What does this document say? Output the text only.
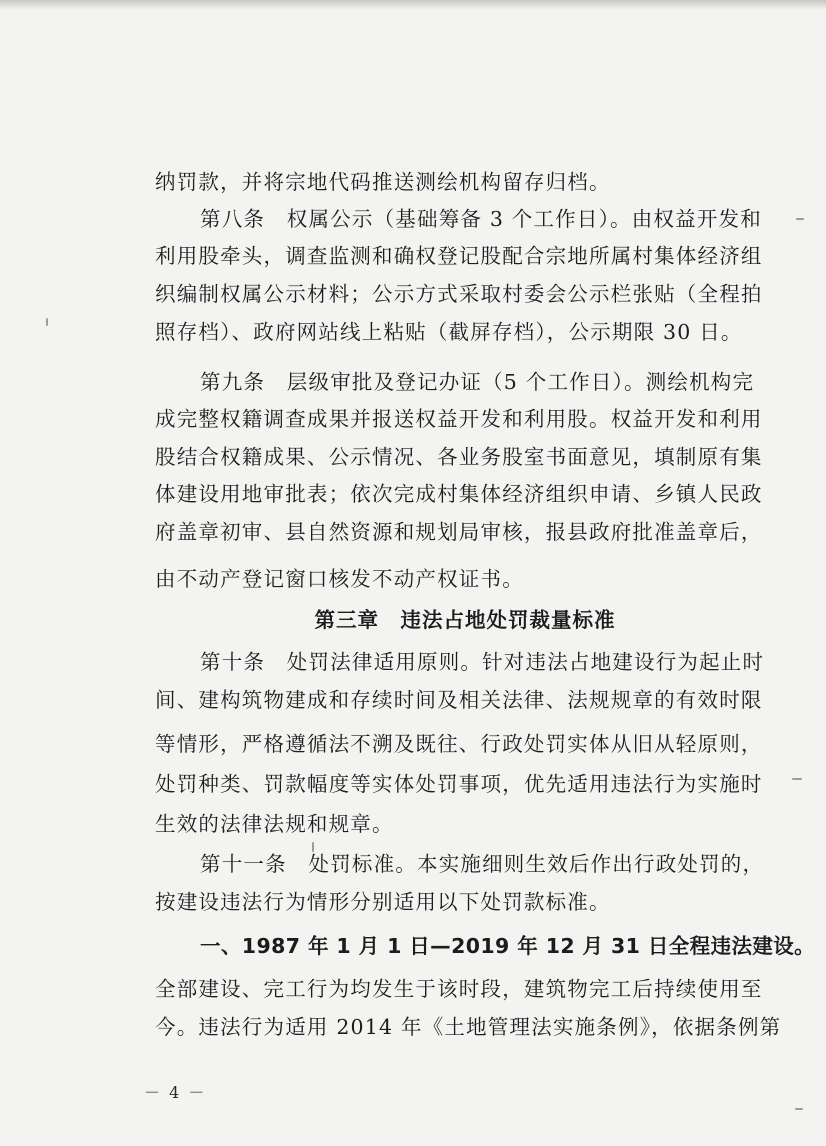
纳罚款，并将宗地代码推送测绘机构留存归档。
第八条　权属公示（基础筹备 3 个工作日）。由权益开发和
利用股牵头，调查监测和确权登记股配合宗地所属村集体经济组
织编制权属公示材料；公示方式采取村委会公示栏张贴（全程拍
照存档）、政府网站线上粘贴（截屏存档），公示期限 30 日。
第九条　层级审批及登记办证（5 个工作日）。测绘机构完
成完整权籍调查成果并报送权益开发和利用股。权益开发和利用
股结合权籍成果、公示情况、各业务股室书面意见，填制原有集
体建设用地审批表；依次完成村集体经济组织申请、乡镇人民政
府盖章初审、县自然资源和规划局审核，报县政府批准盖章后，
由不动产登记窗口核发不动产权证书。
第三章　违法占地处罚裁量标准
第十条　处罚法律适用原则。针对违法占地建设行为起止时
间、建构筑物建成和存续时间及相关法律、法规规章的有效时限
等情形，严格遵循法不溯及既往、行政处罚实体从旧从轻原则，
处罚种类、罚款幅度等实体处罚事项，优先适用违法行为实施时
生效的法律法规和规章。
第十一条　处罚标准。本实施细则生效后作出行政处罚的，
按建设违法行为情形分别适用以下处罚款标准。
一、1987 年 1 月 1 日—2019 年 12 月 31 日全程违法建设。
全部建设、完工行为均发生于该时段，建筑物完工后持续使用至
今。违法行为适用 2014 年《土地管理法实施条例》，依据条例第
－ 4 －
